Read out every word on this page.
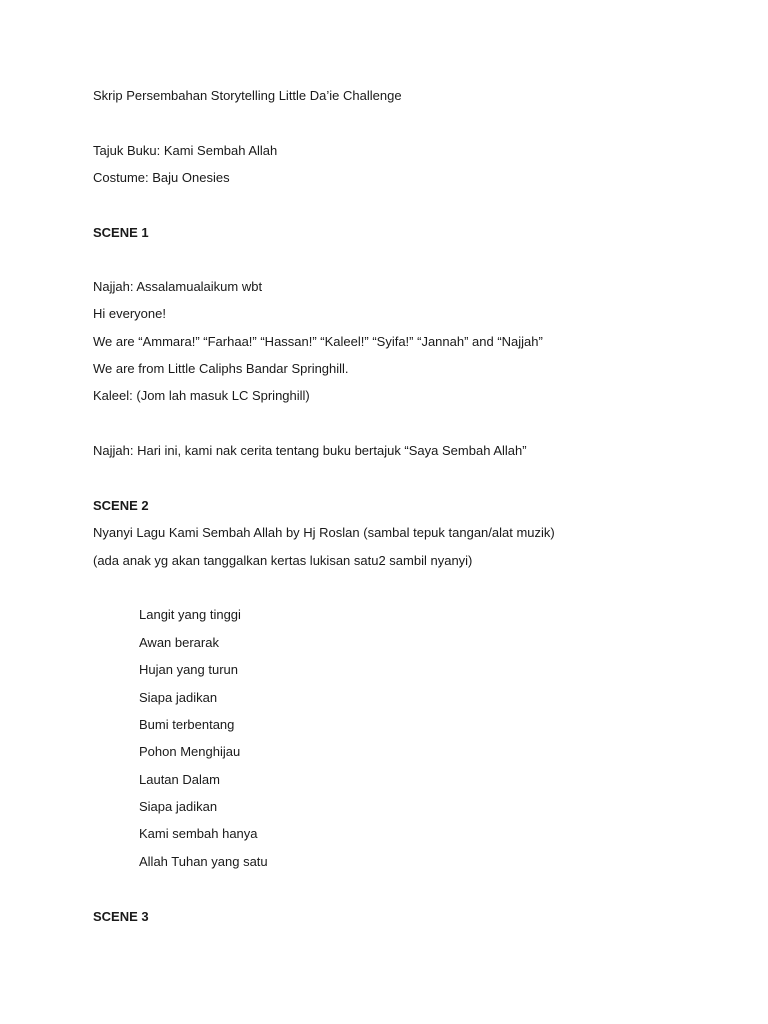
Skrip Persembahan Storytelling Little Da’ie Challenge
Tajuk Buku: Kami Sembah Allah
Costume: Baju Onesies
SCENE 1
Najjah: Assalamualaikum wbt
Hi everyone!
We are “Ammara!” “Farhaa!” “Hassan!” “Kaleel!” “Syifa!” “Jannah” and “Najjah”
We are from Little Caliphs Bandar Springhill.
Kaleel: (Jom lah masuk LC Springhill)
Najjah: Hari ini, kami nak cerita tentang buku bertajuk “Saya Sembah Allah”
SCENE 2
Nyanyi Lagu Kami Sembah Allah by Hj Roslan (sambal tepuk tangan/alat muzik)
(ada anak yg akan tanggalkan kertas lukisan satu2 sambil nyanyi)
Langit yang tinggi
Awan berarak
Hujan yang turun
Siapa jadikan
Bumi terbentang
Pohon Menghijau
Lautan Dalam
Siapa jadikan
Kami sembah hanya
Allah Tuhan yang satu
SCENE 3
